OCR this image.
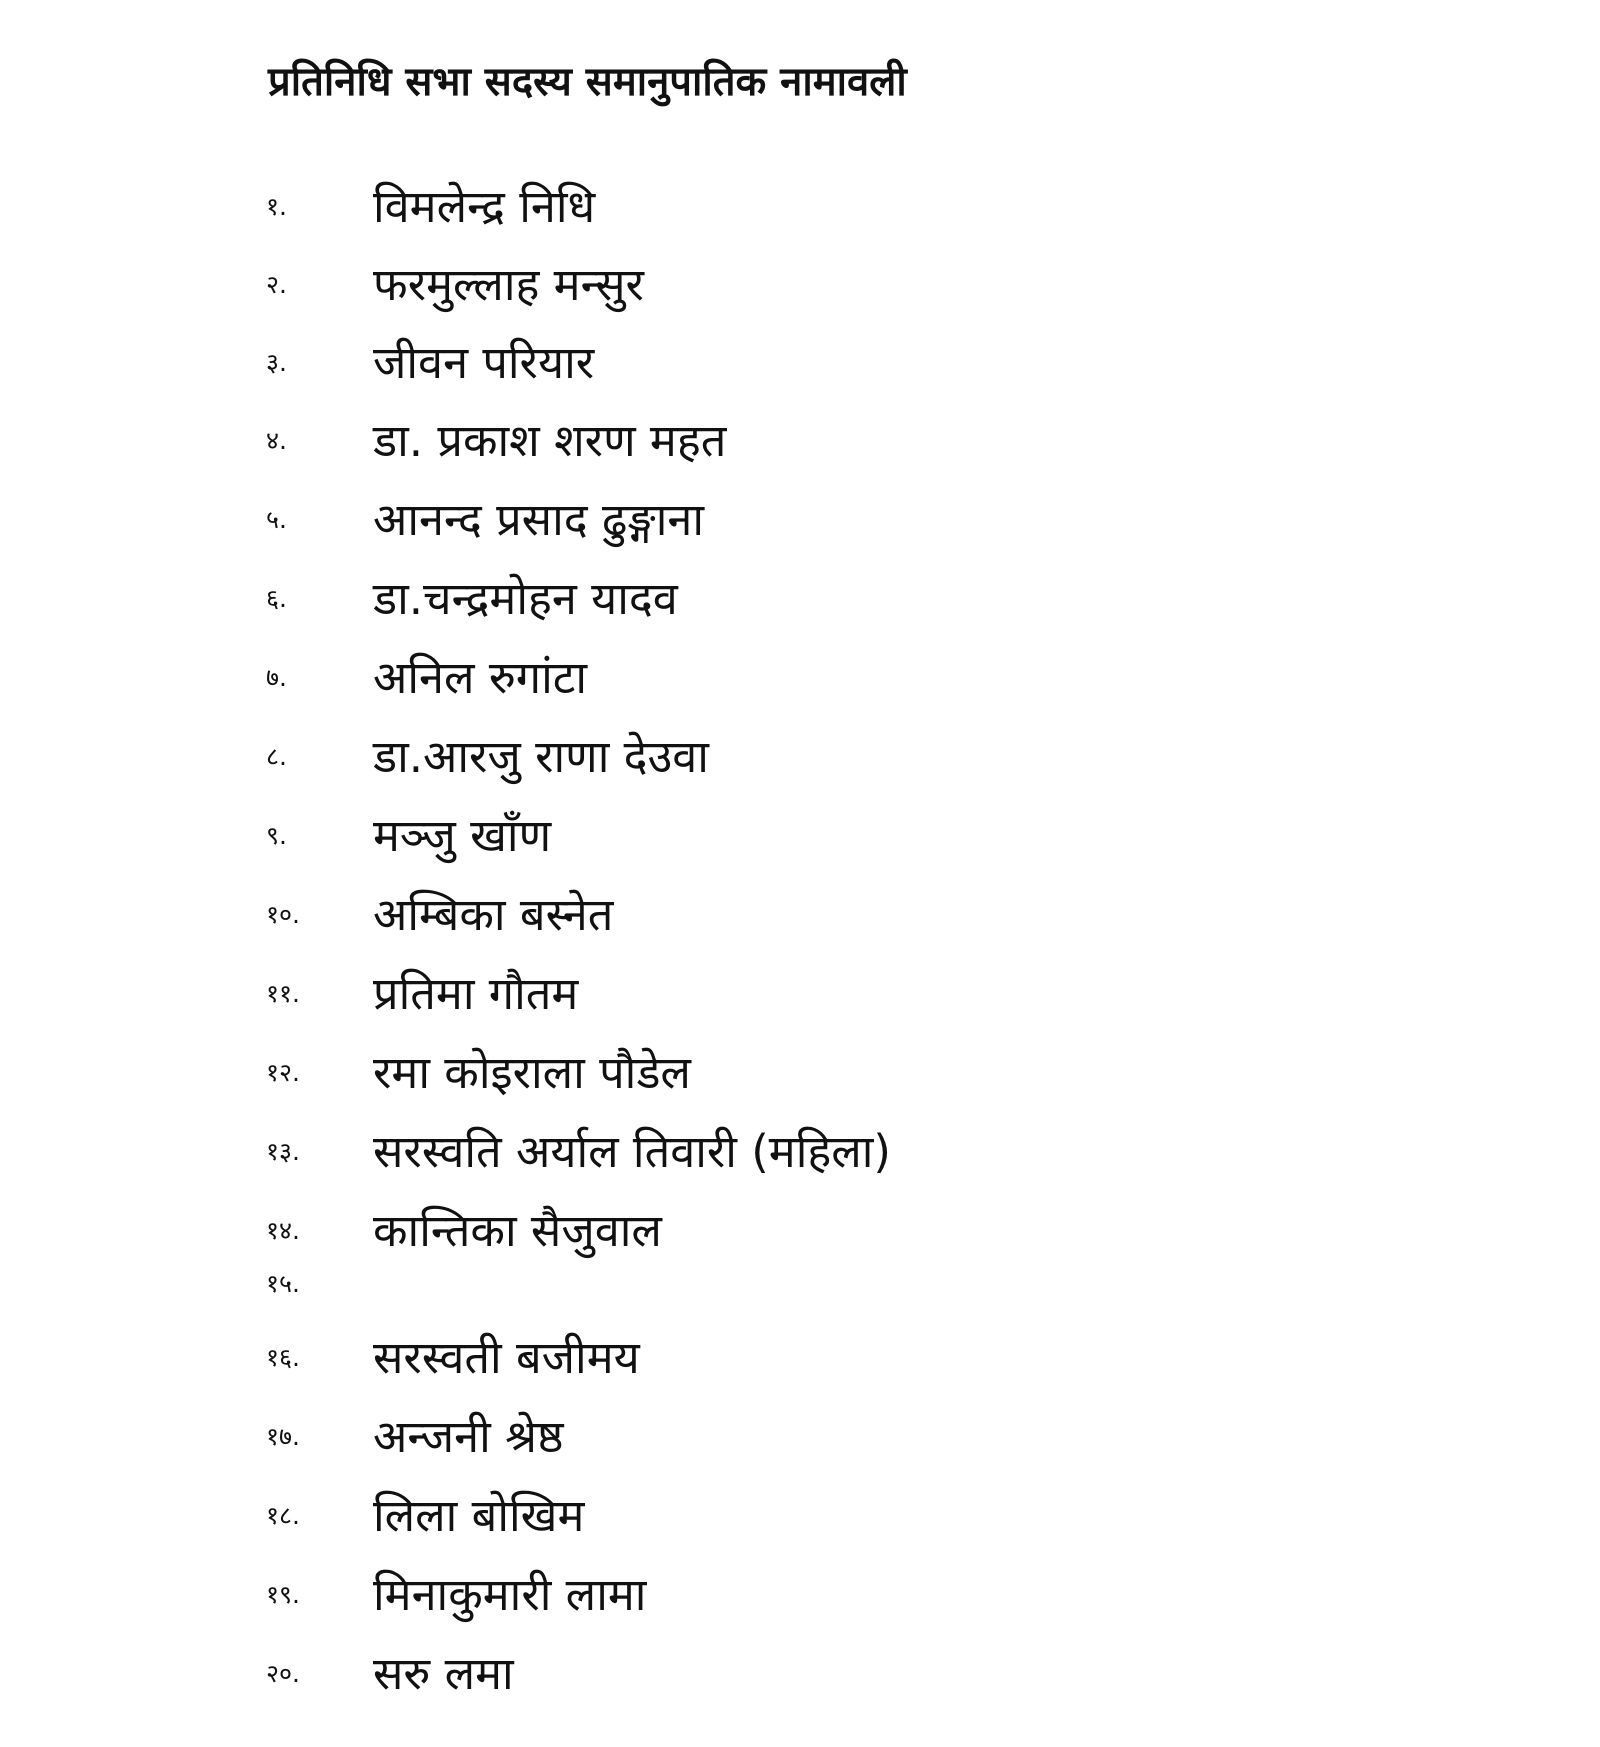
प्रतिनिधि सभा सदस्य समानुपातिक नामावली
१. विमलेन्द्र निधि
२. फरमुल्लाह मन्सुर
३. जीवन परियार
४. डा. प्रकाश शरण महत
५. आनन्द प्रसाद ढुङ्गाना
६. डा.चन्द्रमोहन यादव
७. अनिल रुगांटा
८. डा.आरजु राणा देउवा
९. मञ्जु खाँण
१०. अम्बिका बस्नेत
११. प्रतिमा गौतम
१२. रमा कोइराला पौडेल
१३. सरस्वति अर्याल तिवारी (महिला)
१४. कान्तिका सैजुवाल
१५.
१६. सरस्वती बजीमय
१७. अन्जनी श्रेष्ठ
१८. लिला बोखिम
१९. मिनाकुमारी लामा
२०. सरु लमा
